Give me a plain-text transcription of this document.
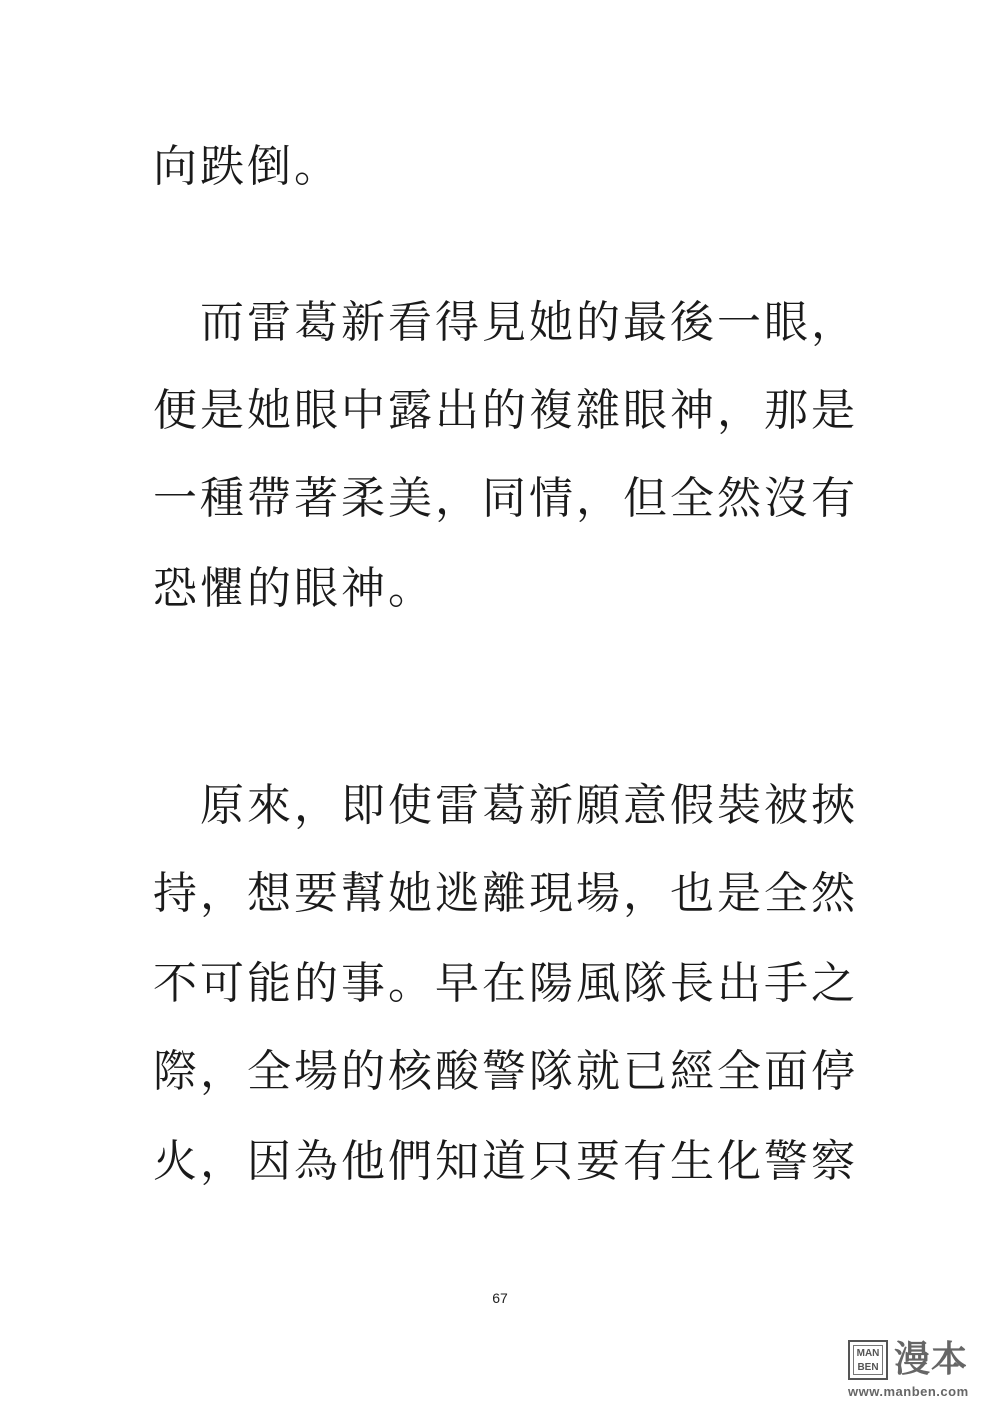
向跌倒。
　而雷葛新看得見她的最後一眼，
便是她眼中露出的複雜眼神，那是
一種帶著柔美，同情，但全然沒有
恐懼的眼神。
　原來，即使雷葛新願意假裝被挾
持，想要幫她逃離現場，也是全然
不可能的事。早在陽風隊長出手之
際，全場的核酸警隊就已經全面停
火，因為他們知道只要有生化警察
67
MAN
BEN 漫本
www.manben.com
